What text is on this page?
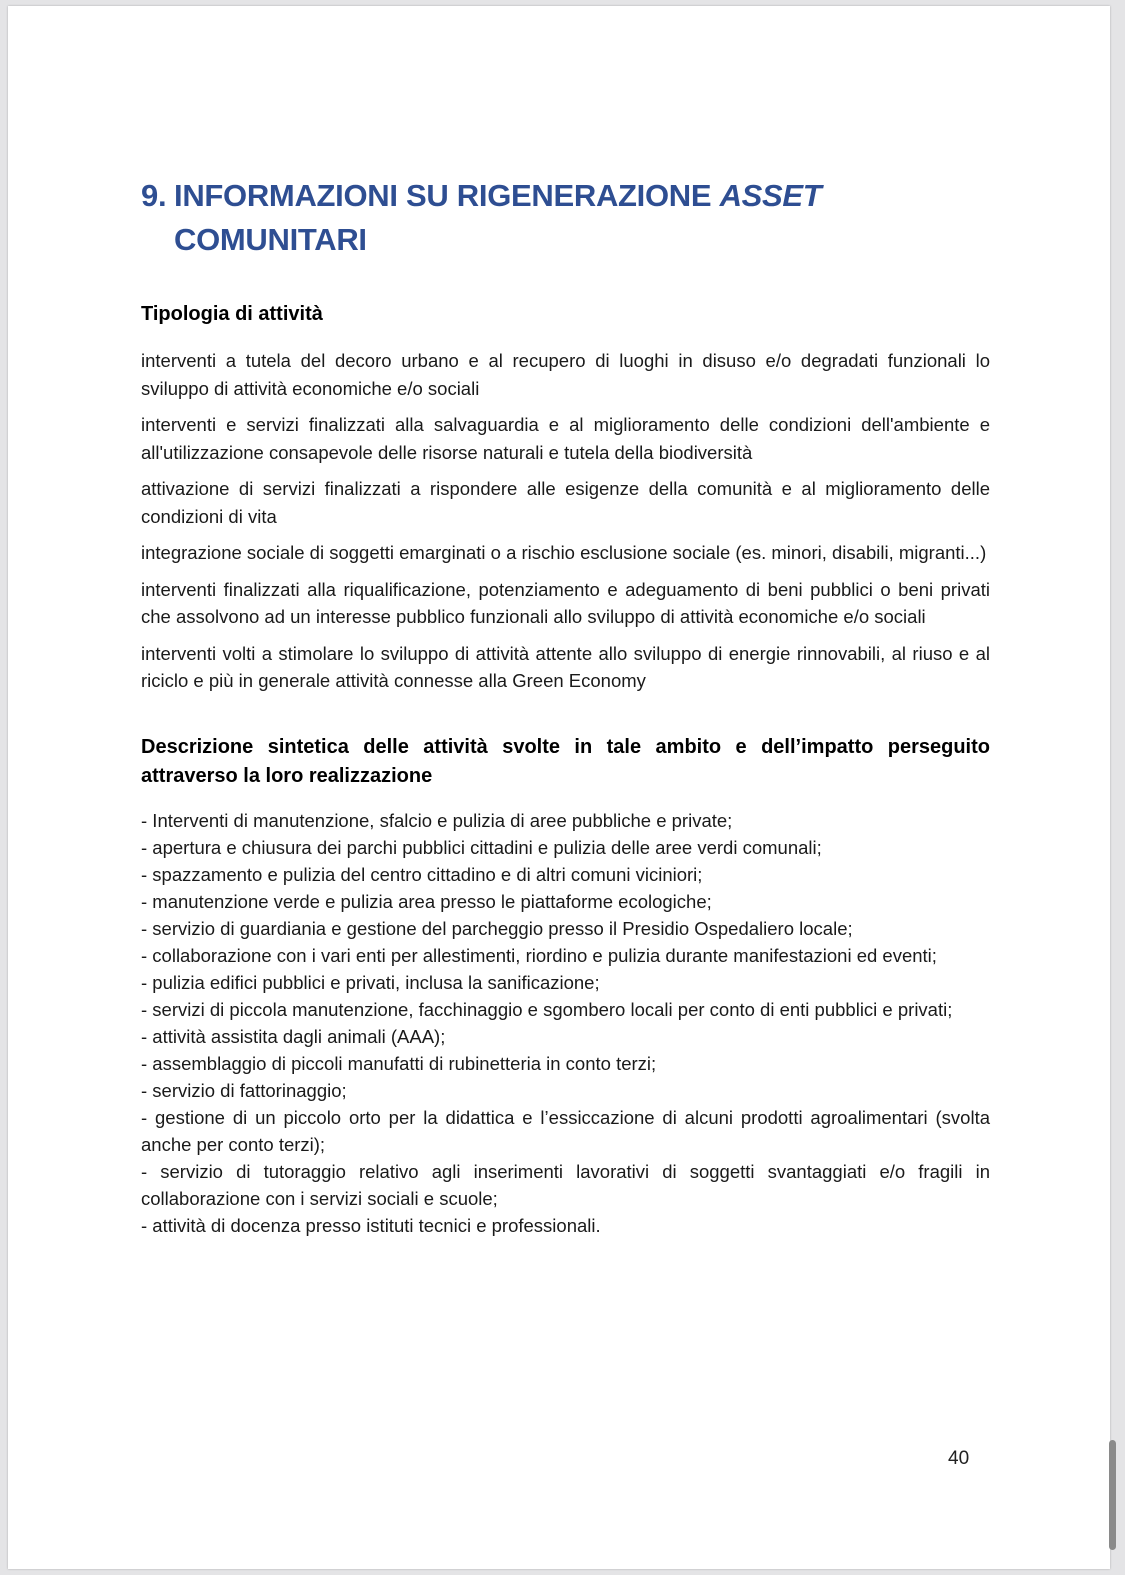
9. INFORMAZIONI SU RIGENERAZIONE ASSET
COMUNITARI
Tipologia di attività

interventi a tutela del decoro urbano e al recupero di luoghi in disuso e/o degradati funzionali lo sviluppo di attività economiche e/o sociali

interventi e servizi finalizzati alla salvaguardia e al miglioramento delle condizioni dell'ambiente e all'utilizzazione consapevole delle risorse naturali e tutela della biodiversità

attivazione di servizi finalizzati a rispondere alle esigenze della comunità e al miglioramento delle condizioni di vita

integrazione sociale di soggetti emarginati o a rischio esclusione sociale (es. minori, disabili, migranti...)

interventi finalizzati alla riqualificazione, potenziamento e adeguamento di beni pubblici o beni privati che assolvono ad un interesse pubblico funzionali allo sviluppo di attività economiche e/o sociali

interventi volti a stimolare lo sviluppo di attività attente allo sviluppo di energie rinnovabili, al riuso e al riciclo e più in generale attività connesse alla Green Economy

Descrizione sintetica delle attività svolte in tale ambito e dell’impatto perseguito attraverso la loro realizzazione

- Interventi di manutenzione, sfalcio e pulizia di aree pubbliche e private;

- apertura e chiusura dei parchi pubblici cittadini e pulizia delle aree verdi comunali;

- spazzamento e pulizia del centro cittadino e di altri comuni viciniori;

- manutenzione verde e pulizia area presso le piattaforme ecologiche;

- servizio di guardiania e gestione del parcheggio presso il Presidio Ospedaliero locale;

- collaborazione con i vari enti per allestimenti, riordino e pulizia durante manifestazioni ed eventi;

- pulizia edifici pubblici e privati, inclusa la sanificazione;

- servizi di piccola manutenzione, facchinaggio e sgombero locali per conto di enti pubblici e privati;

- attività assistita dagli animali (AAA);

- assemblaggio di piccoli manufatti di rubinetteria in conto terzi;

- servizio di fattorinaggio;

- gestione di un piccolo orto per la didattica e l’essiccazione di alcuni prodotti agroalimentari (svolta anche per conto terzi);

- servizio di tutoraggio relativo agli inserimenti lavorativi di soggetti svantaggiati e/o fragili in collaborazione con i servizi sociali e scuole;

- attività di docenza presso istituti tecnici e professionali.

40
